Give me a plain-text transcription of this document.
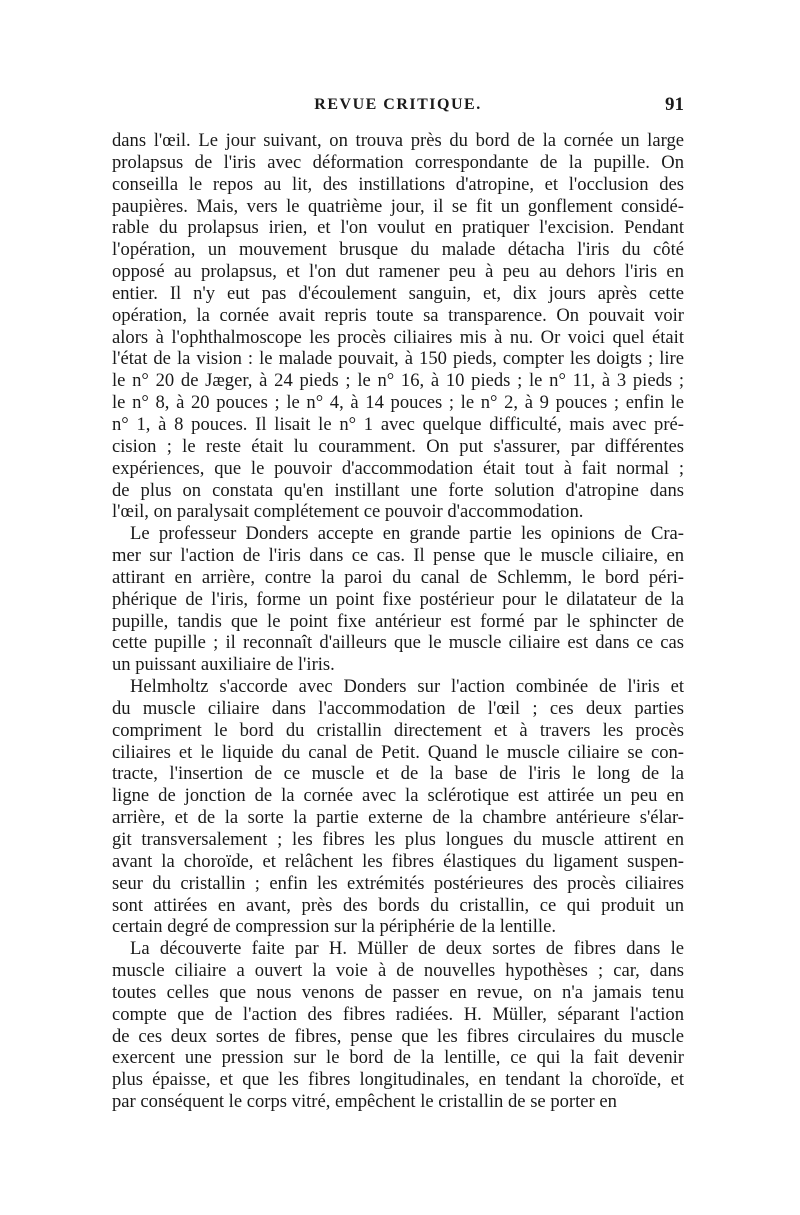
REVUE CRITIQUE.	91
dans l'œil. Le jour suivant, on trouva près du bord de la cornée un large
prolapsus de l'iris avec déformation correspondante de la pupille. On
conseilla le repos au lit, des instillations d'atropine, et l'occlusion des
paupières. Mais, vers le quatrième jour, il se fit un gonflement considé-
rable du prolapsus irien, et l'on voulut en pratiquer l'excision. Pendant
l'opération, un mouvement brusque du malade détacha l'iris du côté
opposé au prolapsus, et l'on dut ramener peu à peu au dehors l'iris en
entier. Il n'y eut pas d'écoulement sanguin, et, dix jours après cette
opération, la cornée avait repris toute sa transparence. On pouvait voir
alors à l'ophthalmoscope les procès ciliaires mis à nu. Or voici quel était
l'état de la vision : le malade pouvait, à 150 pieds, compter les doigts ; lire
le n° 20 de Jæger, à 24 pieds ; le n° 16, à 10 pieds ; le n° 11, à 3 pieds ;
le n° 8, à 20 pouces ; le n° 4, à 14 pouces ; le n° 2, à 9 pouces ; enfin le
n° 1, à 8 pouces. Il lisait le n° 1 avec quelque difficulté, mais avec pré-
cision ; le reste était lu couramment. On put s'assurer, par différentes
expériences, que le pouvoir d'accommodation était tout à fait normal ;
de plus on constata qu'en instillant une forte solution d'atropine dans
l'œil, on paralysait complétement ce pouvoir d'accommodation.
Le professeur Donders accepte en grande partie les opinions de Cra-
mer sur l'action de l'iris dans ce cas. Il pense que le muscle ciliaire, en
attirant en arrière, contre la paroi du canal de Schlemm, le bord péri-
phérique de l'iris, forme un point fixe postérieur pour le dilatateur de la
pupille, tandis que le point fixe antérieur est formé par le sphincter de
cette pupille ; il reconnaît d'ailleurs que le muscle ciliaire est dans ce cas
un puissant auxiliaire de l'iris.
Helmholtz s'accorde avec Donders sur l'action combinée de l'iris et
du muscle ciliaire dans l'accommodation de l'œil ; ces deux parties
compriment le bord du cristallin directement et à travers les procès
ciliaires et le liquide du canal de Petit. Quand le muscle ciliaire se con-
tracte, l'insertion de ce muscle et de la base de l'iris le long de la
ligne de jonction de la cornée avec la sclérotique est attirée un peu en
arrière, et de la sorte la partie externe de la chambre antérieure s'élar-
git transversalement ; les fibres les plus longues du muscle attirent en
avant la choroïde, et relâchent les fibres élastiques du ligament suspen-
seur du cristallin ; enfin les extrémités postérieures des procès ciliaires
sont attirées en avant, près des bords du cristallin, ce qui produit un
certain degré de compression sur la périphérie de la lentille.
La découverte faite par H. Müller de deux sortes de fibres dans le
muscle ciliaire a ouvert la voie à de nouvelles hypothèses ; car, dans
toutes celles que nous venons de passer en revue, on n'a jamais tenu
compte que de l'action des fibres radiées. H. Müller, séparant l'action
de ces deux sortes de fibres, pense que les fibres circulaires du muscle
exercent une pression sur le bord de la lentille, ce qui la fait devenir
plus épaisse, et que les fibres longitudinales, en tendant la choroïde, et
par conséquent le corps vitré, empêchent le cristallin de se porter en
